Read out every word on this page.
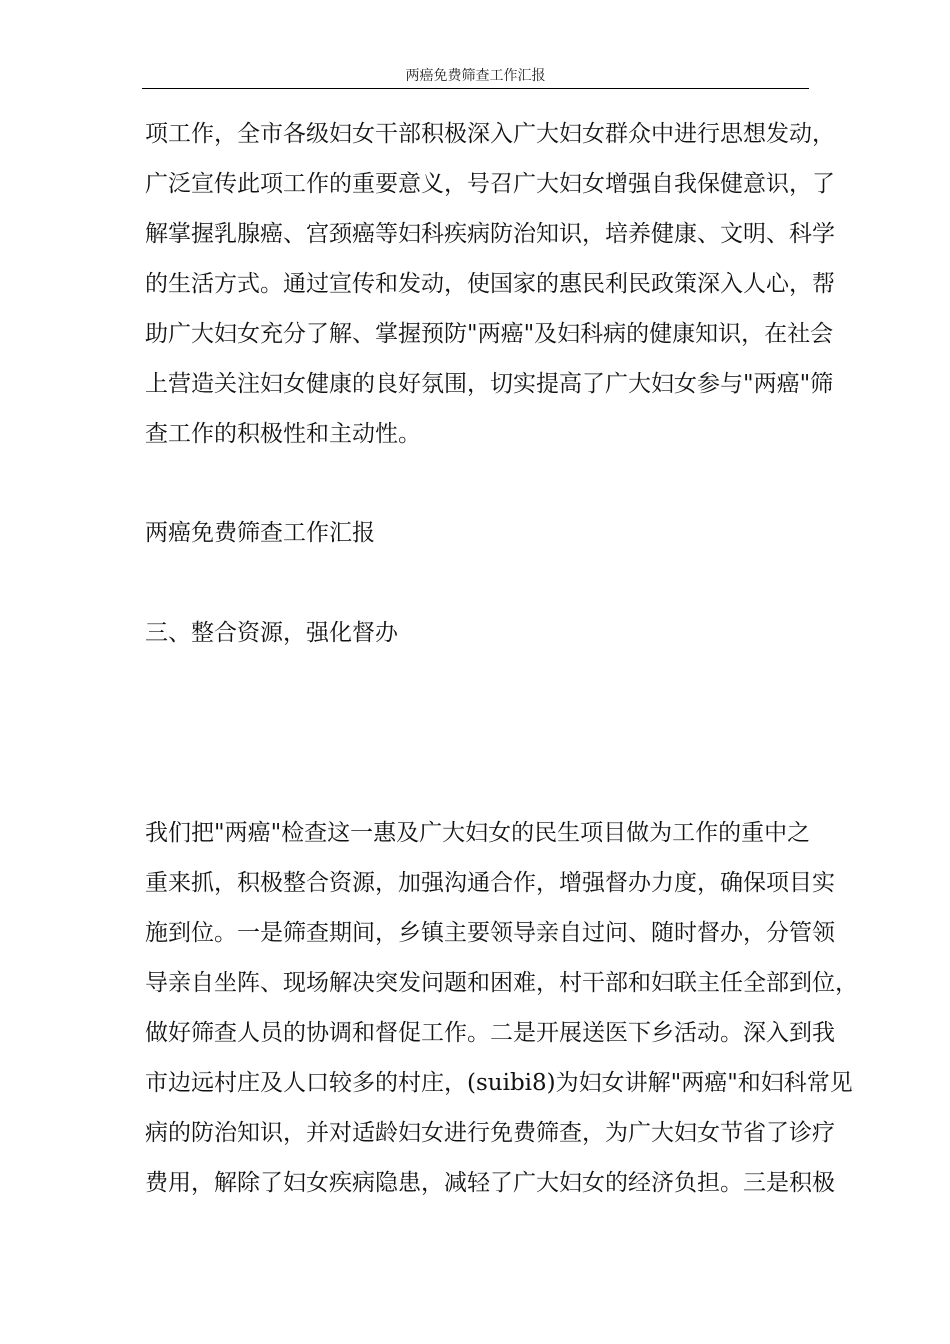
两癌免费筛查工作汇报
项工作，全市各级妇女干部积极深入广大妇女群众中进行思想发动，
广泛宣传此项工作的重要意义，号召广大妇女增强自我保健意识，了
解掌握乳腺癌、宫颈癌等妇科疾病防治知识，培养健康、文明、科学
的生活方式。通过宣传和发动，使国家的惠民利民政策深入人心，帮
助广大妇女充分了解、掌握预防"两癌"及妇科病的健康知识，在社会
上营造关注妇女健康的良好氛围，切实提高了广大妇女参与"两癌"筛
查工作的积极性和主动性。
两癌免费筛查工作汇报
三、整合资源，强化督办
我们把"两癌"检查这一惠及广大妇女的民生项目做为工作的重中之
重来抓，积极整合资源，加强沟通合作，增强督办力度，确保项目实
施到位。一是筛查期间，乡镇主要领导亲自过问、随时督办，分管领
导亲自坐阵、现场解决突发问题和困难，村干部和妇联主任全部到位，
做好筛查人员的协调和督促工作。二是开展送医下乡活动。深入到我
市边远村庄及人口较多的村庄，(suibi8)为妇女讲解"两癌"和妇科常见
病的防治知识，并对适龄妇女进行免费筛查，为广大妇女节省了诊疗
费用，解除了妇女疾病隐患，减轻了广大妇女的经济负担。三是积极
